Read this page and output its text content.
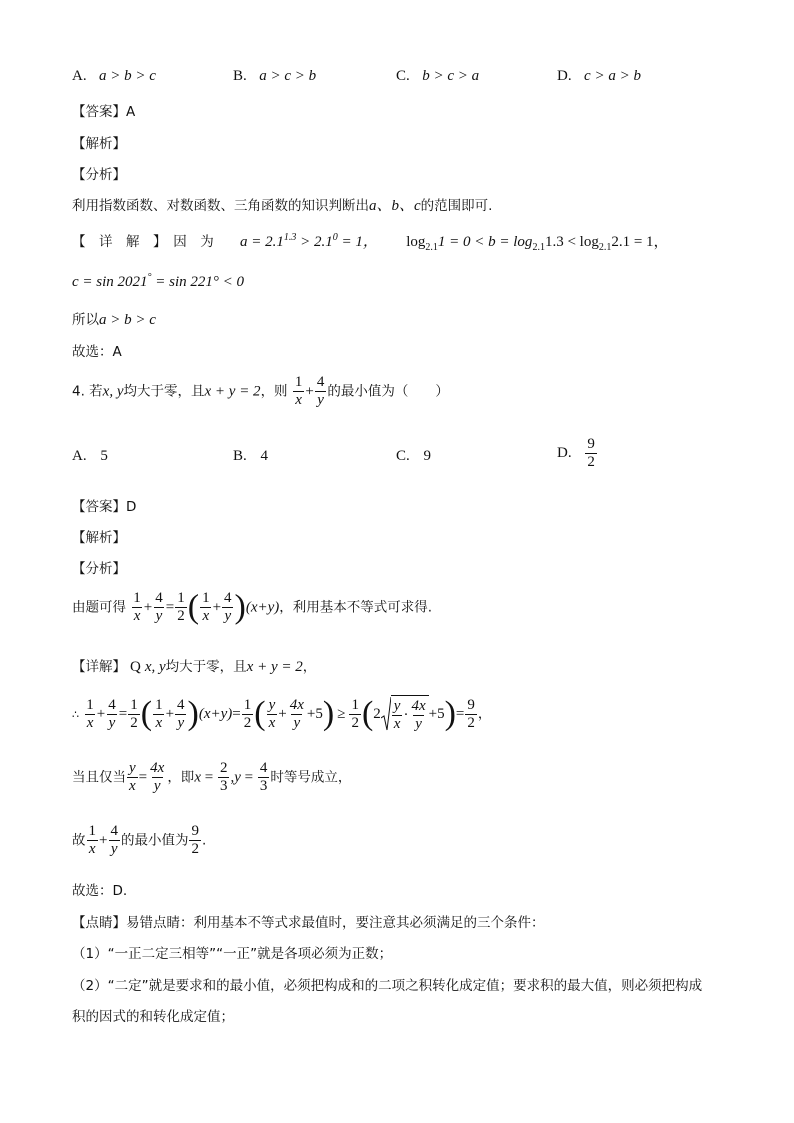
A. a > b > c	B. a > c > b	C. b > c > a	D. c > a > b
【答案】A
【解析】
【分析】
利用指数函数、对数函数、三角函数的知识判断出a、b、c的范围即可.
【　详　解　】　因　为 $a = 2.1^{1.3} > 2.1^0 = 1$， $\log_{2.1}1 = 0 < b = \log_{2.1}1.3 < \log_{2.1}2.1 = 1$，
c = sin 2021° = sin 221° < 0
所以a > b > c
故选：A
4. 若x, y均大于零，且x + y = 2，则 $\frac{1}{x} + \frac{4}{y}$ 的最小值为（　　）
A. 5	B. 4	C. 9	D. $\frac{9}{2}$
【答案】D
【解析】
【分析】
由题可得 $\frac{1}{x} + \frac{4}{y} = \frac{1}{2}$ ( $\frac{1}{x} + \frac{4}{y} )(x+y)$，利用基本不等式可求得.
【详解】 Q x, y均大于零，且x + y = 2，
∴ $\frac{1}{x} + \frac{4}{y} = \frac{1}{2}$ ( $\frac{1}{x} + \frac{4}{y} )(x+y)= \frac{1}{2}$ ( $\frac{y}{x} + \frac{4x}{y} +5) \ge \frac{1}{2} (2 \frac{y}{x} \cdot \frac{4x}{y} +5)= \frac{9}{2}$ ，
当且仅当 $\frac{y}{x} = \frac{4x}{y}$ ，即$x = \frac{2}{3} ,y = \frac{4}{3}$ 时等号成立，
故 $\frac{1}{x} + \frac{4}{y}$ 的最小值为 $\frac{9}{2}$ .
故选：D.
【点睛】易错点睛：利用基本不等式求最值时，要注意其必须满足的三个条件：
（1）“一正二定三相等”“一正”就是各项必须为正数；
（2）“二定”就是要求和的最小值，必须把构成和的二项之积转化成定值；要求积的最大值，则必须把构成
积的因式的和转化成定值；
